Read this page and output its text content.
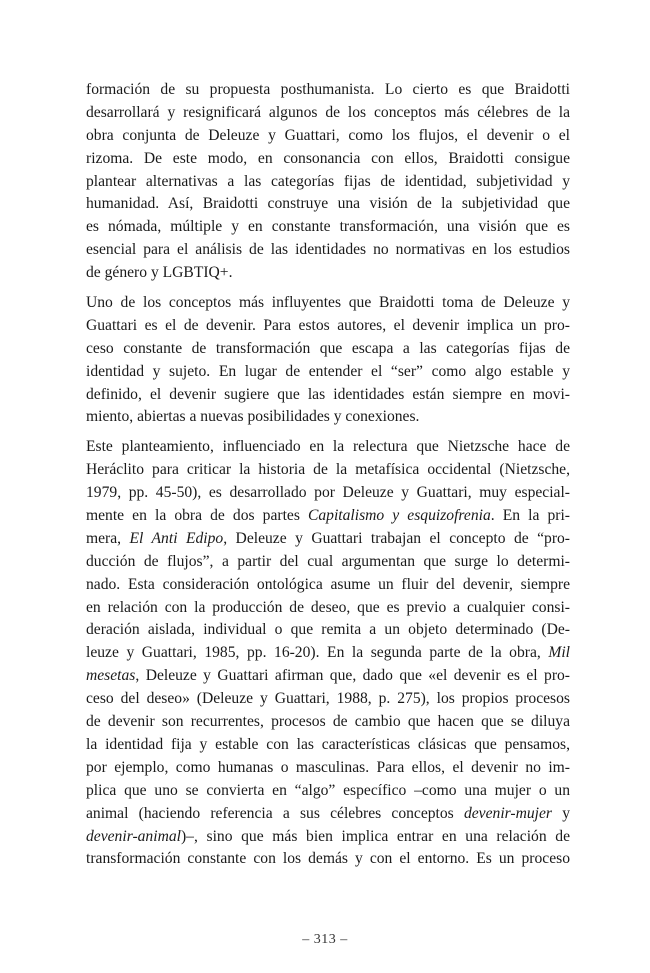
formación de su propuesta posthumanista. Lo cierto es que Braidotti
desarrollará y resignificará algunos de los conceptos más célebres de la
obra conjunta de Deleuze y Guattari, como los flujos, el devenir o el
rizoma. De este modo, en consonancia con ellos, Braidotti consigue
plantear alternativas a las categorías fijas de identidad, subjetividad y
humanidad. Así, Braidotti construye una visión de la subjetividad que
es nómada, múltiple y en constante transformación, una visión que es
esencial para el análisis de las identidades no normativas en los estudios
de género y LGBTIQ+.
Uno de los conceptos más influyentes que Braidotti toma de Deleuze y
Guattari es el de devenir. Para estos autores, el devenir implica un pro-
ceso constante de transformación que escapa a las categorías fijas de
identidad y sujeto. En lugar de entender el “ser” como algo estable y
definido, el devenir sugiere que las identidades están siempre en movi-
miento, abiertas a nuevas posibilidades y conexiones.
Este planteamiento, influenciado en la relectura que Nietzsche hace de
Heráclito para criticar la historia de la metafísica occidental (Nietzsche,
1979, pp. 45-50), es desarrollado por Deleuze y Guattari, muy especial-
mente en la obra de dos partes Capitalismo y esquizofrenia. En la pri-
mera, El Anti Edipo, Deleuze y Guattari trabajan el concepto de “pro-
ducción de flujos”, a partir del cual argumentan que surge lo determi-
nado. Esta consideración ontológica asume un fluir del devenir, siempre
en relación con la producción de deseo, que es previo a cualquier consi-
deración aislada, individual o que remita a un objeto determinado (De-
leuze y Guattari, 1985, pp. 16-20). En la segunda parte de la obra, Mil
mesetas, Deleuze y Guattari afirman que, dado que «el devenir es el pro-
ceso del deseo» (Deleuze y Guattari, 1988, p. 275), los propios procesos
de devenir son recurrentes, procesos de cambio que hacen que se diluya
la identidad fija y estable con las características clásicas que pensamos,
por ejemplo, como humanas o masculinas. Para ellos, el devenir no im-
plica que uno se convierta en “algo” específico –como una mujer o un
animal (haciendo referencia a sus célebres conceptos devenir-mujer y
devenir-animal)–, sino que más bien implica entrar en una relación de
transformación constante con los demás y con el entorno. Es un proceso
– 313 –
